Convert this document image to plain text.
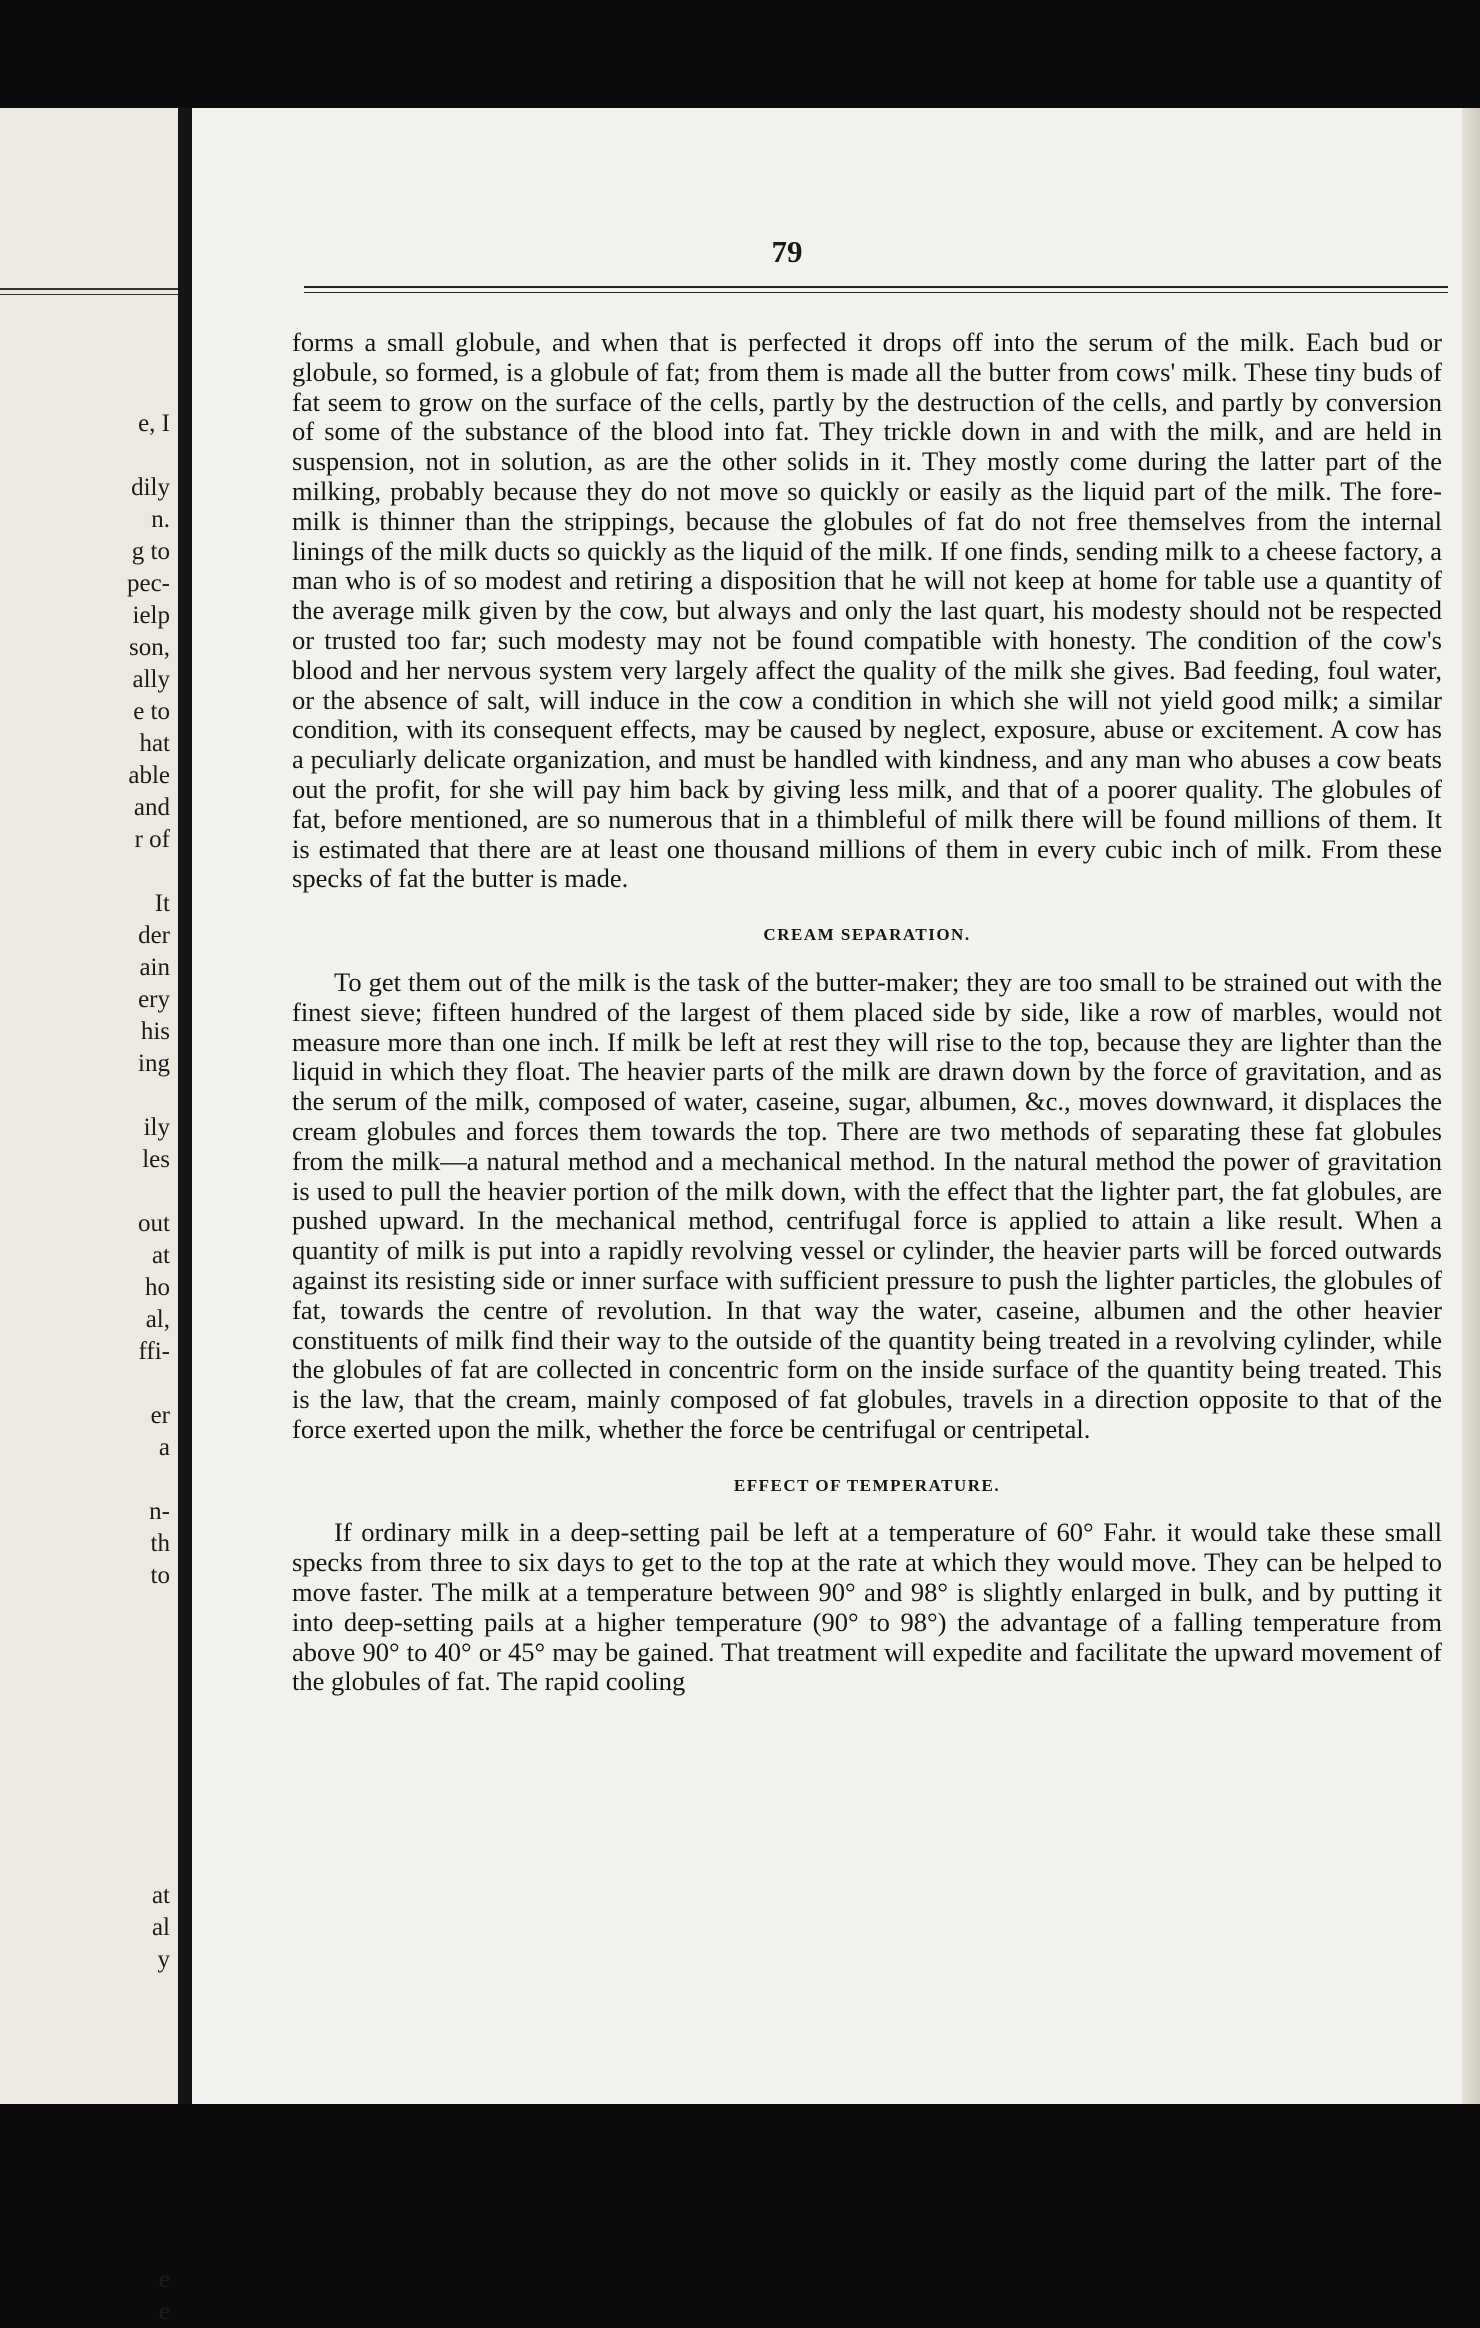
e, I
dily
n.
g to
pec-
ielp
son,
ally
e to
hat
able
and
r of
It
der
ain
ery
his
ing
ily
les
out
at
ho
al,
ffi-
er
a
n-
th
to
at
al
y
e
e
79

forms a small globule, and when that is perfected it drops off into the serum of the milk. Each bud or globule, so formed, is a globule of fat; from them is made all the butter from cows' milk. These tiny buds of fat seem to grow on the surface of the cells, partly by the destruction of the cells, and partly by conversion of some of the substance of the blood into fat. They trickle down in and with the milk, and are held in suspension, not in solution, as are the other solids in it. They mostly come during the latter part of the milking, probably because they do not move so quickly or easily as the liquid part of the milk. The fore-milk is thinner than the strippings, because the globules of fat do not free themselves from the internal linings of the milk ducts so quickly as the liquid of the milk. If one finds, sending milk to a cheese factory, a man who is of so modest and retiring a disposition that he will not keep at home for table use a quantity of the average milk given by the cow, but always and only the last quart, his modesty should not be respected or trusted too far; such modesty may not be found compatible with honesty. The condition of the cow's blood and her nervous system very largely affect the quality of the milk she gives. Bad feeding, foul water, or the absence of salt, will induce in the cow a condition in which she will not yield good milk; a similar condition, with its consequent effects, may be caused by neglect, exposure, abuse or excitement. A cow has a peculiarly delicate organization, and must be handled with kindness, and any man who abuses a cow beats out the profit, for she will pay him back by giving less milk, and that of a poorer quality. The globules of fat, before mentioned, are so numerous that in a thimbleful of milk there will be found millions of them. It is estimated that there are at least one thousand millions of them in every cubic inch of milk. From these specks of fat the butter is made.

CREAM SEPARATION.

To get them out of the milk is the task of the butter-maker; they are too small to be strained out with the finest sieve; fifteen hundred of the largest of them placed side by side, like a row of marbles, would not measure more than one inch. If milk be left at rest they will rise to the top, because they are lighter than the liquid in which they float. The heavier parts of the milk are drawn down by the force of gravitation, and as the serum of the milk, composed of water, caseine, sugar, albumen, &c., moves downward, it displaces the cream globules and forces them towards the top. There are two methods of separating these fat globules from the milk—a natural method and a mechanical method. In the natural method the power of gravitation is used to pull the heavier portion of the milk down, with the effect that the lighter part, the fat globules, are pushed upward. In the mechanical method, centrifugal force is applied to attain a like result. When a quantity of milk is put into a rapidly revolving vessel or cylinder, the heavier parts will be forced outwards against its resisting side or inner surface with sufficient pressure to push the lighter particles, the globules of fat, towards the centre of revolution. In that way the water, caseine, albumen and the other heavier constituents of milk find their way to the outside of the quantity being treated in a revolving cylinder, while the globules of fat are collected in concentric form on the inside surface of the quantity being treated. This is the law, that the cream, mainly composed of fat globules, travels in a direction opposite to that of the force exerted upon the milk, whether the force be centrifugal or centripetal.

EFFECT OF TEMPERATURE.

If ordinary milk in a deep-setting pail be left at a temperature of 60° Fahr. it would take these small specks from three to six days to get to the top at the rate at which they would move. They can be helped to move faster. The milk at a temperature between 90° and 98° is slightly enlarged in bulk, and by putting it into deep-setting pails at a higher temperature (90° to 98°) the advantage of a falling temperature from above 90° to 40° or 45° may be gained. That treatment will expedite and facilitate the upward movement of the globules of fat. The rapid cooling
